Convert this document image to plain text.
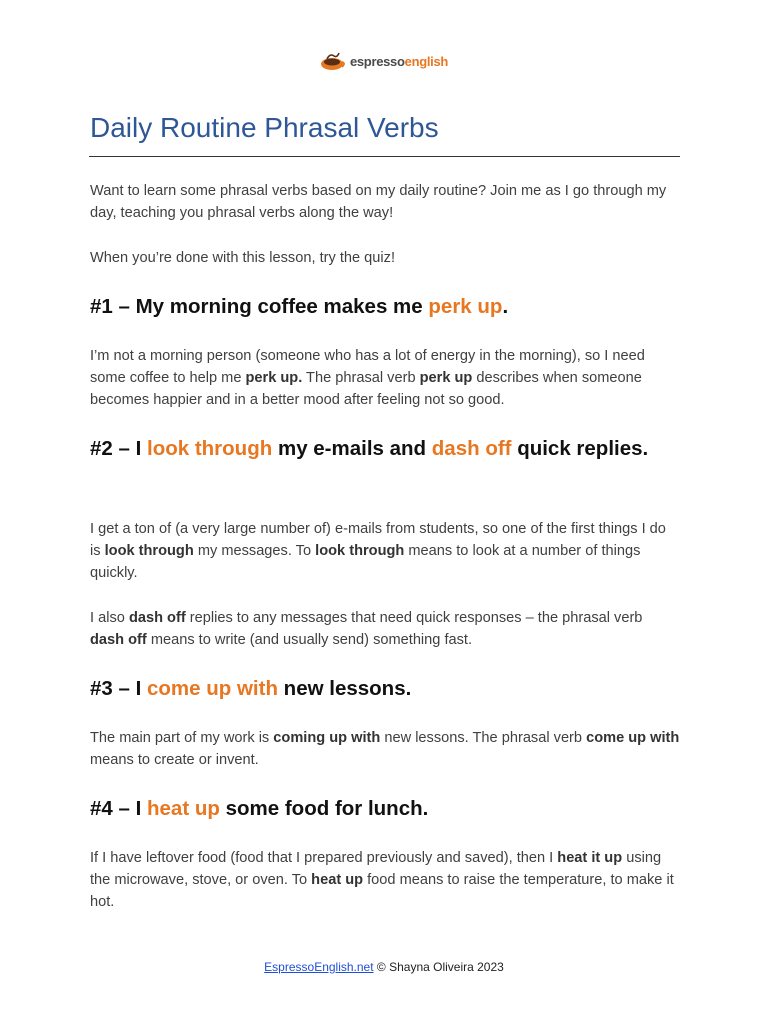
espressoenglish
Daily Routine Phrasal Verbs

Want to learn some phrasal verbs based on my daily routine? Join me as I go through my day, teaching you phrasal verbs along the way!

When you’re done with this lesson, try the quiz!

#1 – My morning coffee makes me perk up.

I’m not a morning person (someone who has a lot of energy in the morning), so I need some coffee to help me perk up. The phrasal verb perk up describes when someone becomes happier and in a better mood after feeling not so good.

#2 – I look through my e-mails and dash off quick replies.

I get a ton of (a very large number of) e-mails from students, so one of the first things I do is look through my messages. To look through means to look at a number of things quickly.

I also dash off replies to any messages that need quick responses – the phrasal verb dash off means to write (and usually send) something fast.

#3 – I come up with new lessons.

The main part of my work is coming up with new lessons. The phrasal verb come up with means to create or invent.

#4 – I heat up some food for lunch.

If I have leftover food (food that I prepared previously and saved), then I heat it up using the microwave, stove, or oven. To heat up food means to raise the temperature, to make it hot.

EspressoEnglish.net © Shayna Oliveira 2023
